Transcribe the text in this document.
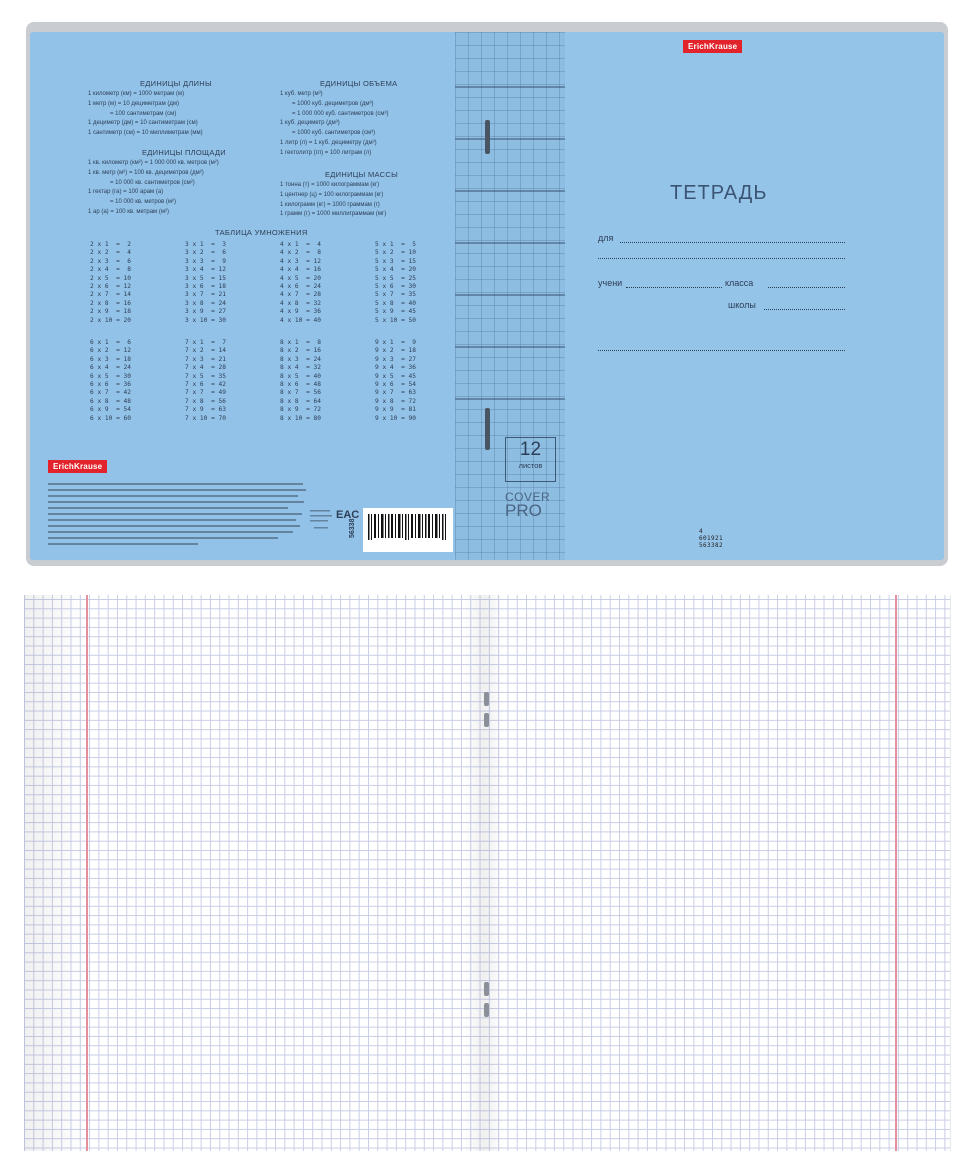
ErichKrause
ErichKrause
ЕДИНИЦЫ ДЛИНЫ
1 километр (км) = 1000 метрам (м)
1 метр (м) = 10 дециметрам (дм)
= 100 сантиметрам (см)
1 дециметр (дм) = 10 сантиметрам (см)
1 сантиметр (см) = 10 миллиметрам (мм)
ЕДИНИЦЫ ПЛОЩАДИ
1 кв. километр (км²) = 1 000 000 кв. метров (м²)
1 кв. метр (м²) = 100 кв. дециметров (дм²)
= 10 000 кв. сантиметров (см²)
1 гектар (га) = 100 арам (а)
= 10 000 кв. метров (м²)
1 ар (а) = 100 кв. метрам (м²)
ЕДИНИЦЫ ОБЪЕМА
1 куб. метр (м³)
= 1000 куб. дециметров (дм³)
= 1 000 000 куб. сантиметров (см³)
1 куб. дециметр (дм³)
= 1000 куб. сантиметров (см³)
1 литр (л) = 1 куб. дециметру (дм³)
1 гектолитр (гл) = 100 литрам (л)
ЕДИНИЦЫ МАССЫ
1 тонна (т) = 1000 килограммам (кг)
1 центнер (ц) = 100 килограммам (кг)
1 килограмм (кг) = 1000 граммам (г)
1 грамм (г) = 1000 миллиграммам (мг)
ТАБЛИЦА УМНОЖЕНИЯ
2 x 1  =  2
2 x 2  =  4
2 x 3  =  6
2 x 4  =  8
2 x 5  = 10
2 x 6  = 12
2 x 7  = 14
2 x 8  = 16
2 x 9  = 18
2 x 10 = 20
3 x 1  =  3
3 x 2  =  6
3 x 3  =  9
3 x 4  = 12
3 x 5  = 15
3 x 6  = 18
3 x 7  = 21
3 x 8  = 24
3 x 9  = 27
3 x 10 = 30
4 x 1  =  4
4 x 2  =  8
4 x 3  = 12
4 x 4  = 16
4 x 5  = 20
4 x 6  = 24
4 x 7  = 28
4 x 8  = 32
4 x 9  = 36
4 x 10 = 40
5 x 1  =  5
5 x 2  = 10
5 x 3  = 15
5 x 4  = 20
5 x 5  = 25
5 x 6  = 30
5 x 7  = 35
5 x 8  = 40
5 x 9  = 45
5 x 10 = 50
6 x 1  =  6
6 x 2  = 12
6 x 3  = 18
6 x 4  = 24
6 x 5  = 30
6 x 6  = 36
6 x 7  = 42
6 x 8  = 48
6 x 9  = 54
6 x 10 = 60
7 x 1  =  7
7 x 2  = 14
7 x 3  = 21
7 x 4  = 28
7 x 5  = 35
7 x 6  = 42
7 x 7  = 49
7 x 8  = 56
7 x 9  = 63
7 x 10 = 70
8 x 1  =  8
8 x 2  = 16
8 x 3  = 24
8 x 4  = 32
8 x 5  = 40
8 x 6  = 48
8 x 7  = 56
8 x 8  = 64
8 x 9  = 72
8 x 10 = 80
9 x 1  =  9
9 x 2  = 18
9 x 3  = 27
9 x 4  = 36
9 x 5  = 45
9 x 6  = 54
9 x 7  = 63
9 x 8  = 72
9 x 9  = 81
9 x 10 = 90
EAC
56338	4 601921 563382
12
листов
COVER
PRO
ТЕТРАДЬ
для
учени	класса
школы
